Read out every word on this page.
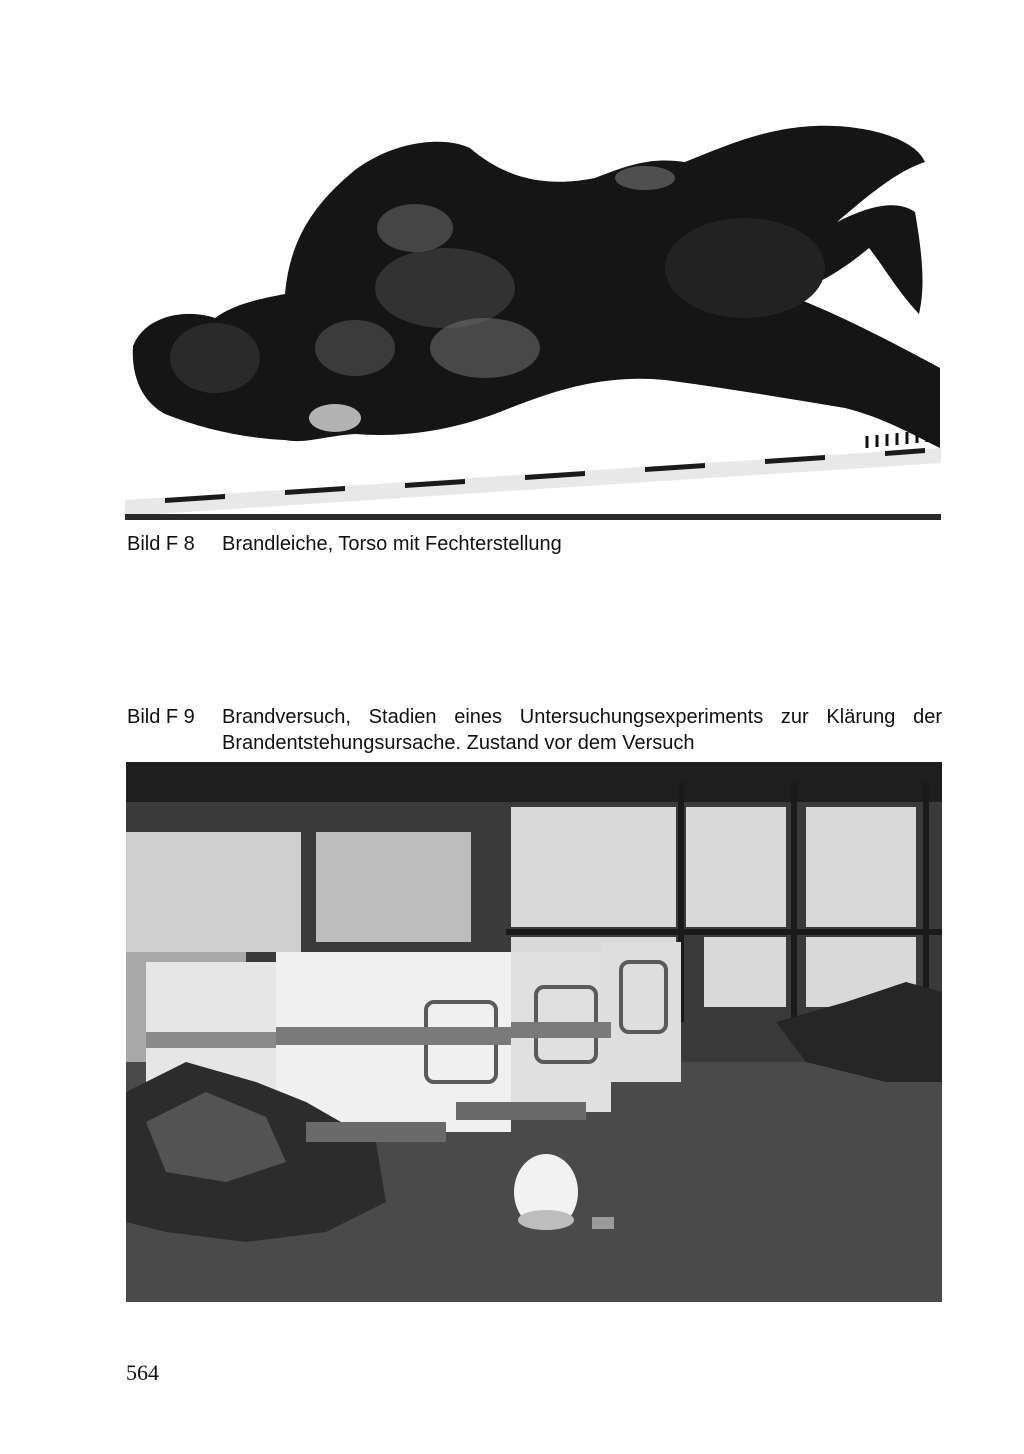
Bild F 8 Brandleiche, Torso mit Fechterstellung
Bild F 9 Brandversuch, Stadien eines Untersuchungsexperiments zur Klärung der Brandentstehungsursache. Zustand vor dem Versuch
564
